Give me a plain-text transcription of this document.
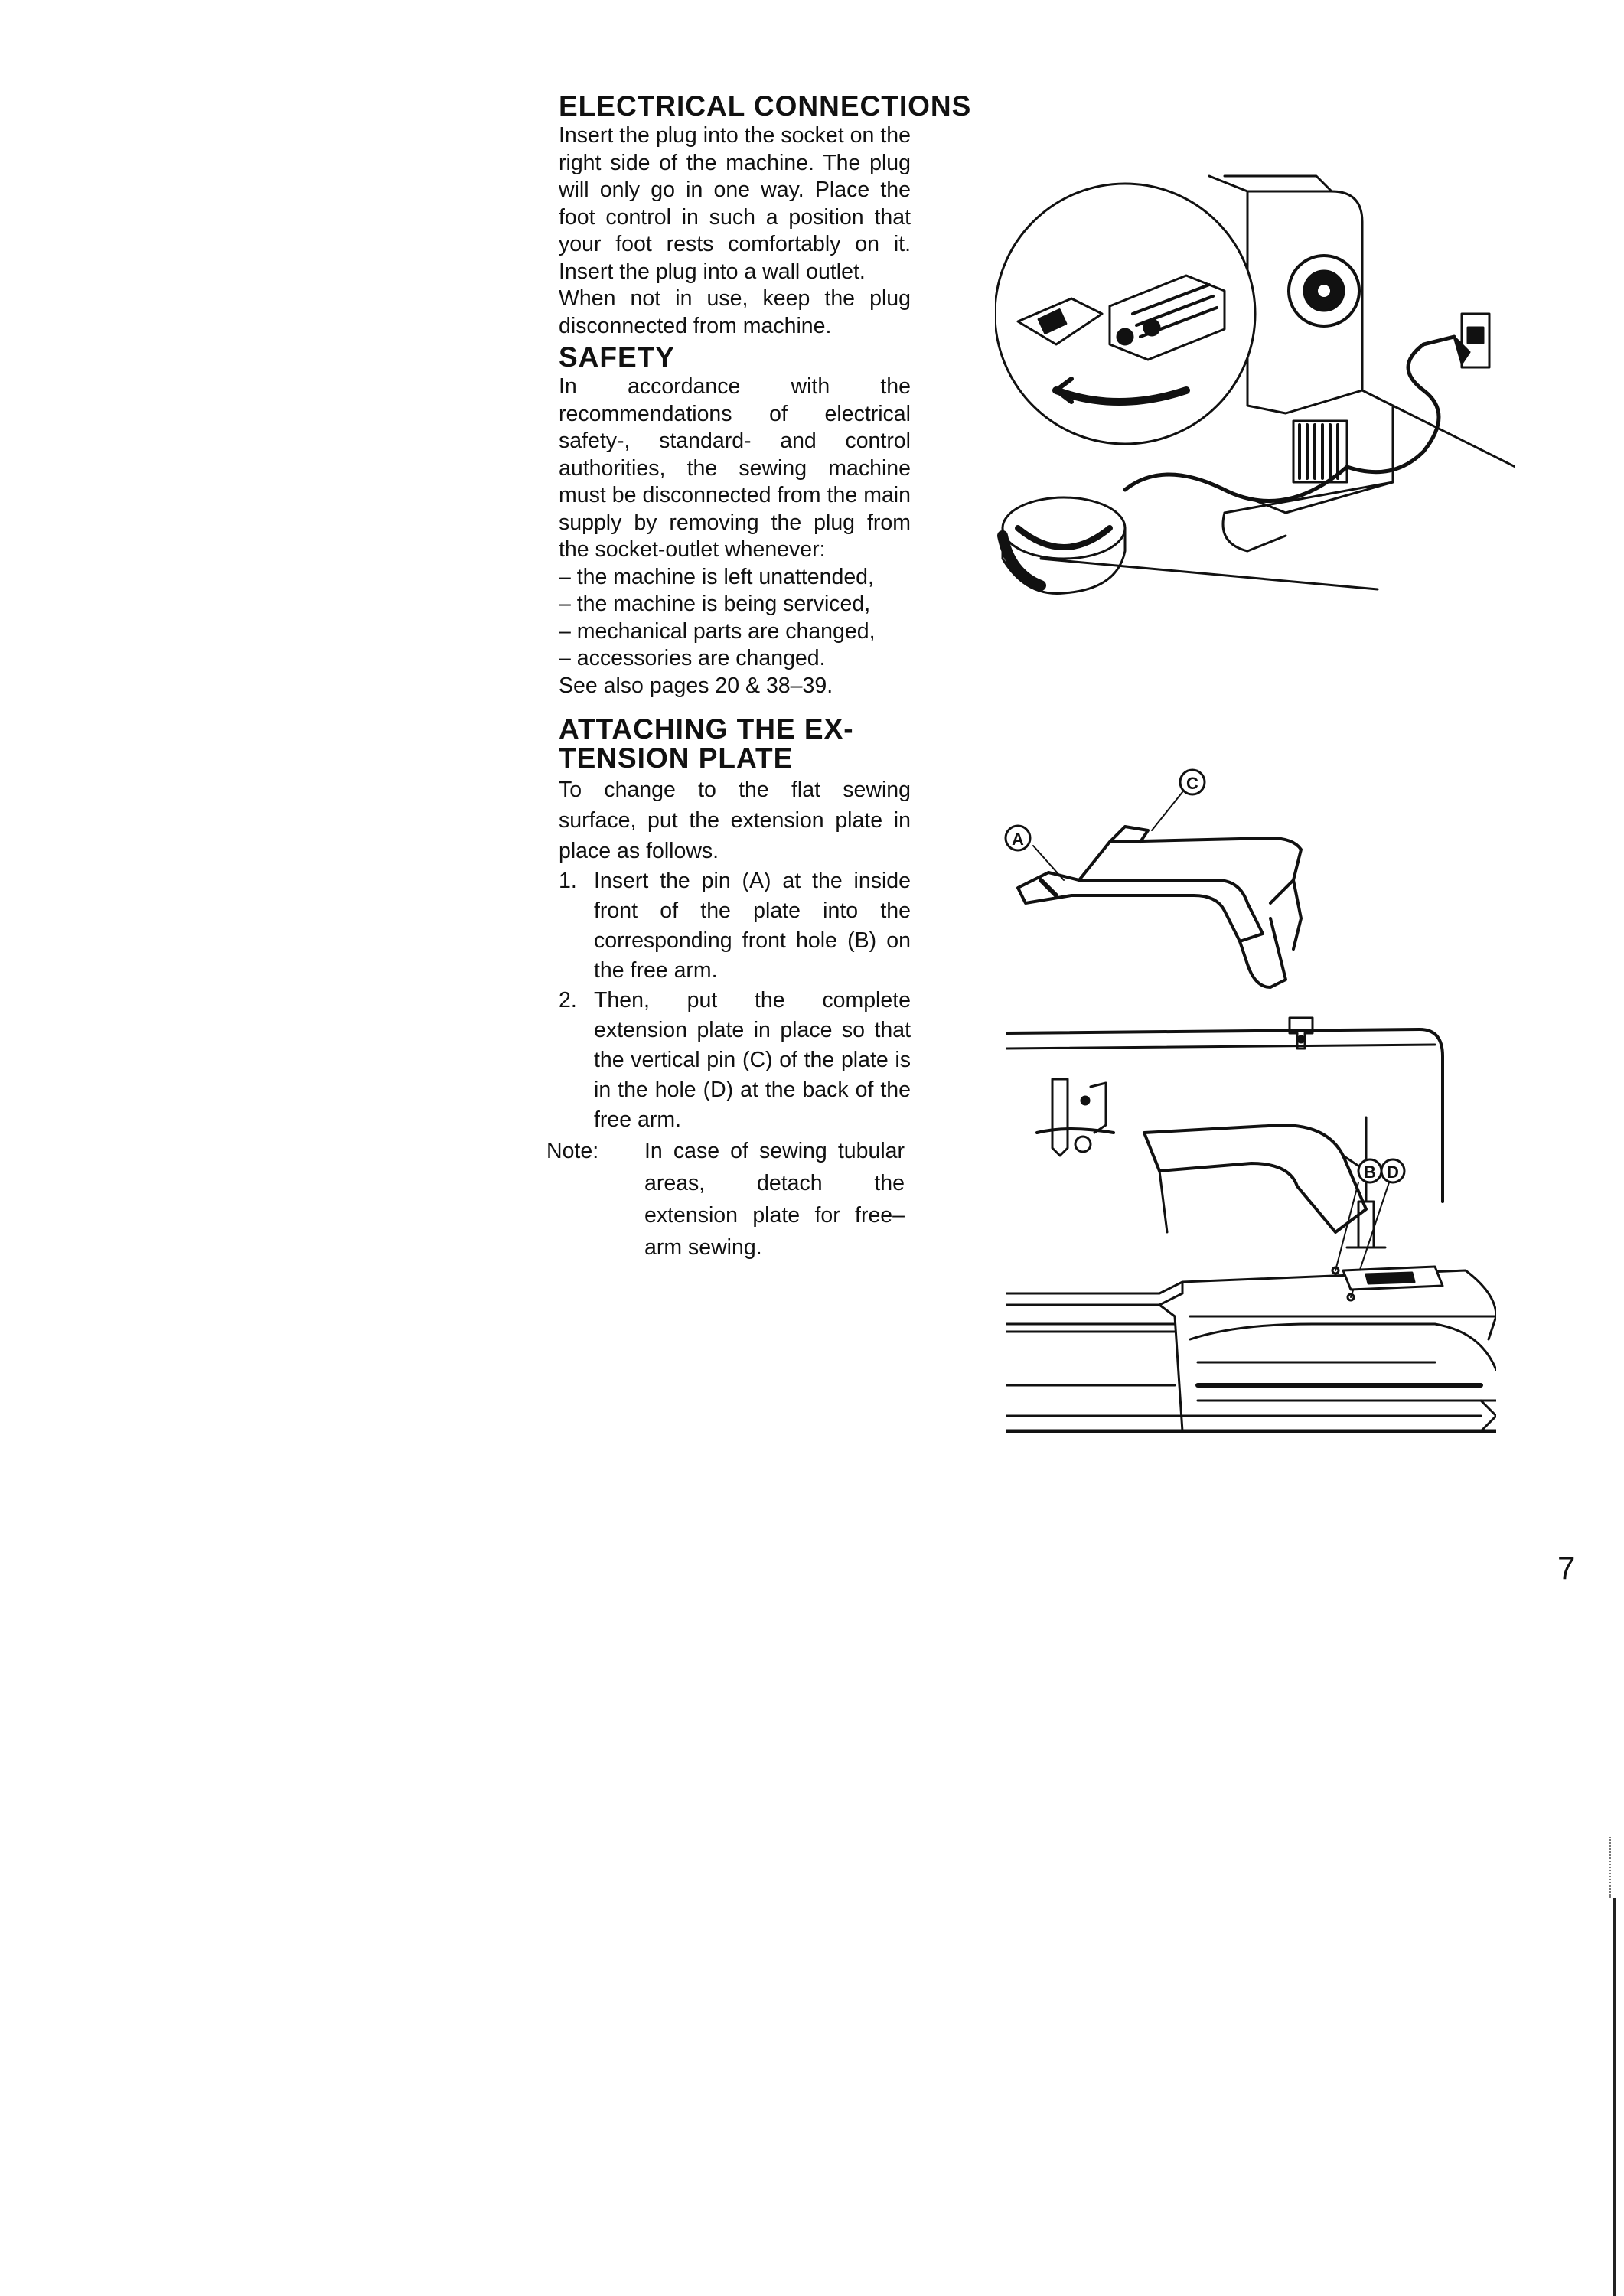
ELECTRICAL CONNECTIONS

Insert the plug into the socket on the right side of the machine. The plug will only go in one way. Place the foot control in such a position that your foot rests comfortably on it. Insert the plug into a wall outlet.

When not in use, keep the plug disconnected from machine.

SAFETY

In accordance with the recommendations of electrical safety-, standard- and control authorities, the sewing machine must be disconnected from the main supply by removing the plug from the socket-outlet whenever:

– the machine is left unattended,
– the machine is being serviced,
– mechanical parts are changed,
– accessories are changed.

See also pages 20 & 38–39.

ATTACHING THE EX-
TENSION PLATE

To change to the flat sewing surface, put the extension plate in place as follows.

1. Insert the pin (A) at the inside front of the plate into the corresponding front hole (B) on the free arm.
2. Then, put the complete extension plate in place so that the vertical pin (C) of the plate is in the hole (D) at the back of the free arm.
Note:	In case of sewing tubular areas, detach the extension plate for free–arm sewing.
A
C
B D
7
